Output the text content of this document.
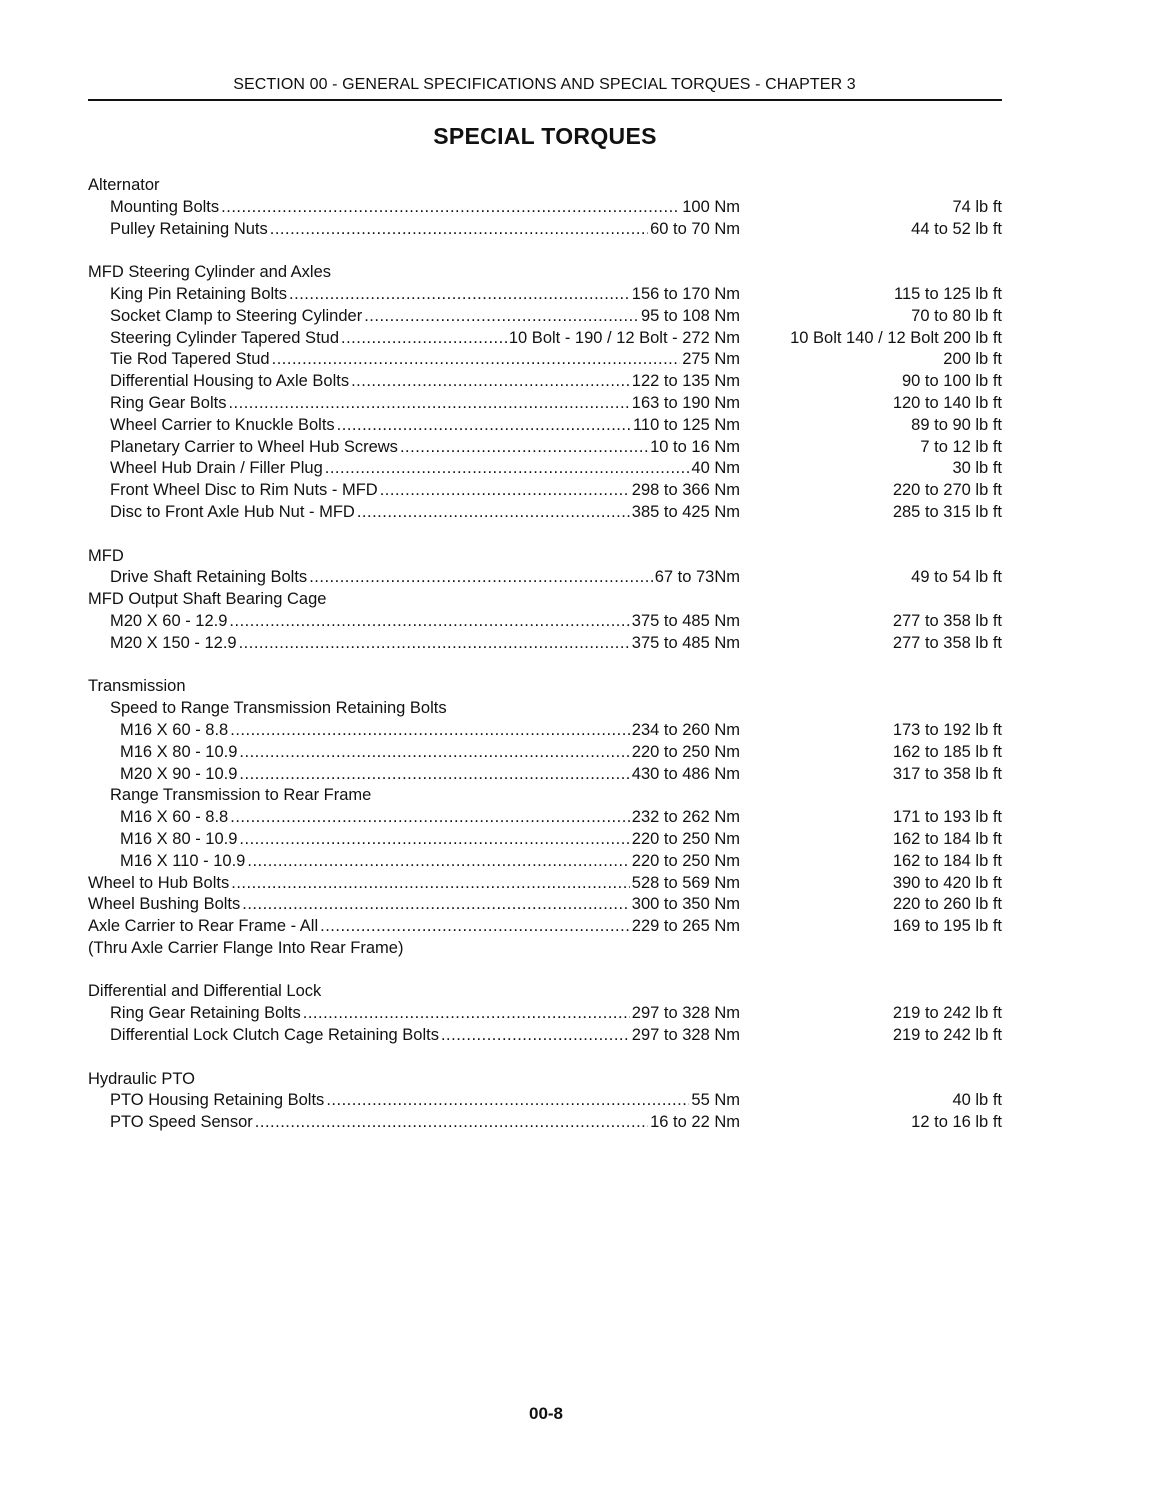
SECTION 00 - GENERAL SPECIFICATIONS AND SPECIAL TORQUES - CHAPTER 3
SPECIAL TORQUES
Alternator
Mounting Bolts .....	100 Nm	74 lb ft
Pulley Retaining Nuts .....	60 to 70 Nm	44 to 52 lb ft
MFD Steering Cylinder and Axles
King Pin Retaining Bolts .....	156 to 170 Nm	115 to 125 lb ft
Socket Clamp to Steering Cylinder .....	95 to 108 Nm	70 to 80 lb ft
Steering Cylinder Tapered Stud .....	10 Bolt - 190 / 12 Bolt - 272 Nm	10 Bolt 140 / 12 Bolt 200 lb ft
Tie Rod Tapered Stud .....	275 Nm	200 lb ft
Differential Housing to Axle Bolts .....	122 to 135 Nm	90 to 100 lb ft
Ring Gear Bolts .....	163 to 190 Nm	120 to 140 lb ft
Wheel Carrier to Knuckle Bolts .....	110 to 125 Nm	89 to 90 lb ft
Planetary Carrier to Wheel Hub Screws .....	10 to 16 Nm	7 to 12 lb ft
Wheel Hub Drain / Filler Plug .....	40 Nm	30 lb ft
Front Wheel Disc to Rim Nuts - MFD .....	298 to 366 Nm	220 to 270 lb ft
Disc to Front Axle Hub Nut - MFD .....	385 to 425 Nm	285 to 315 lb ft
MFD
Drive Shaft Retaining Bolts .....	67 to 73Nm	49 to 54 lb ft
MFD Output Shaft Bearing Cage
M20 X 60 - 12.9 .....	375 to 485 Nm	277 to 358 lb ft
M20 X 150 - 12.9 .....	375 to 485 Nm	277 to 358 lb ft
Transmission
Speed to Range Transmission Retaining Bolts
M16 X 60 - 8.8 .....	234 to 260 Nm	173 to 192 lb ft
M16 X 80 - 10.9 .....	220 to 250 Nm	162 to 185 lb ft
M20 X 90 - 10.9 .....	430 to 486 Nm	317 to 358 lb ft
Range Transmission to Rear Frame
M16 X 60 - 8.8 .....	232 to 262 Nm	171 to 193 lb ft
M16 X 80 - 10.9 .....	220 to 250 Nm	162 to 184 lb ft
M16 X 110 - 10.9 .....	220 to 250 Nm	162 to 184 lb ft
Wheel to Hub Bolts .....	528 to 569 Nm	390 to 420 lb ft
Wheel Bushing Bolts .....	300 to 350 Nm	220 to 260 lb ft
Axle Carrier to Rear Frame - All .....	229 to 265 Nm	169 to 195 lb ft
(Thru Axle Carrier Flange Into Rear Frame)
Differential and Differential Lock
Ring Gear Retaining Bolts .....	297 to 328 Nm	219 to 242 lb ft
Differential Lock Clutch Cage Retaining Bolts .....	297 to 328 Nm	219 to 242 lb ft
Hydraulic PTO
PTO Housing Retaining Bolts .....	55 Nm	40 lb ft
PTO Speed Sensor .....	16 to 22 Nm	12 to 16 lb ft
00-8
